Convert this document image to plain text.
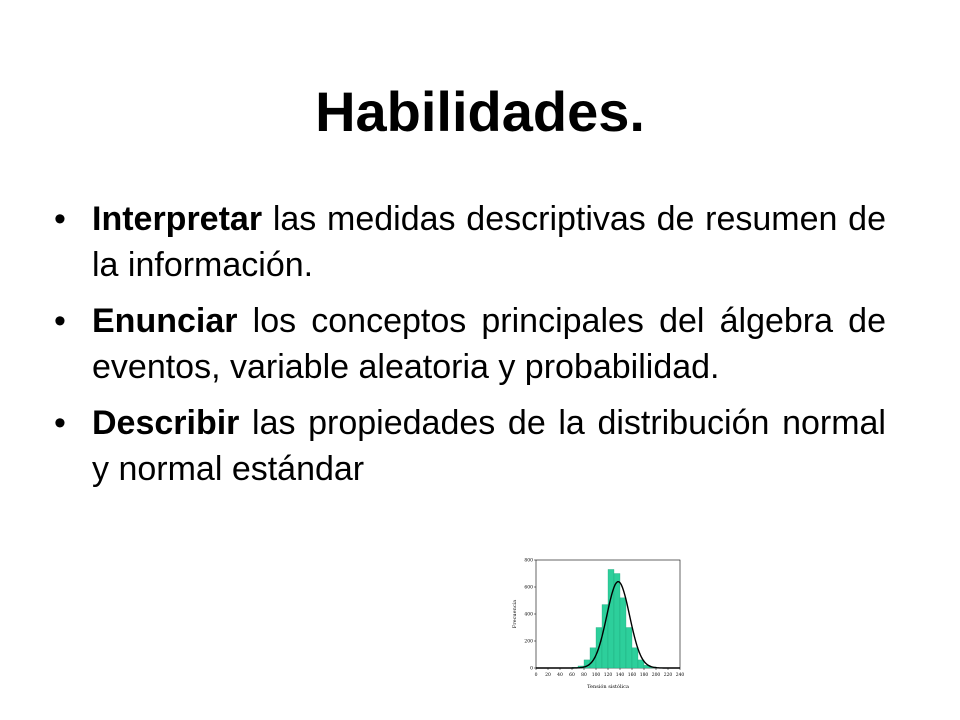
Habilidades.
• Interpretar las medidas descriptivas de resumen de la información.
• Enunciar los conceptos principales del álgebra de eventos, variable aleatoria y probabilidad.
• Describir las propiedades de la distribución normal y normal estándar
0 20 40 60 80 100 120 140 160 180 200 220 240
0
200
400
600
800
Tensión sistólica
Frecuencia
